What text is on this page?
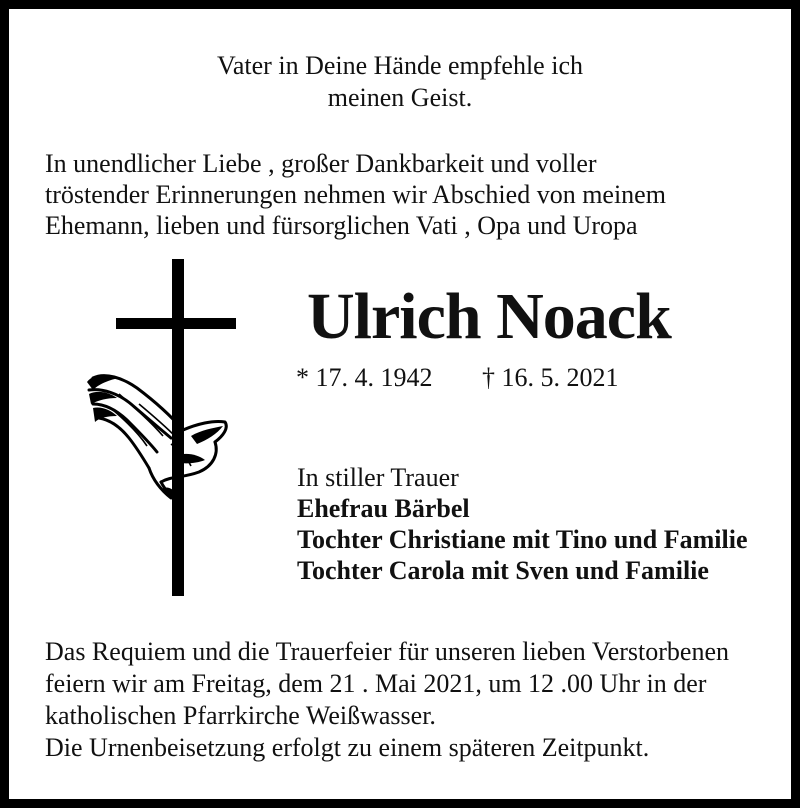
Vater in Deine Hände empfehle ich
meinen Geist.
In unendlicher Liebe , großer Dankbarkeit und voller
tröstender Erinnerungen nehmen wir Abschied von meinem
Ehemann, lieben und fürsorglichen Vati , Opa und Uropa
Ulrich Noack
* 17. 4. 1942 † 16. 5. 2021
In stiller Trauer
Ehefrau Bärbel
Tochter Christiane mit Tino und Familie
Tochter Carola mit Sven und Familie
Das Requiem und die Trauerfeier für unseren lieben Verstorbenen
feiern wir am Freitag, dem 21 . Mai 2021, um 12 .00 Uhr in der
katholischen Pfarrkirche Weißwasser.
Die Urnenbeisetzung erfolgt zu einem späteren Zeitpunkt.
